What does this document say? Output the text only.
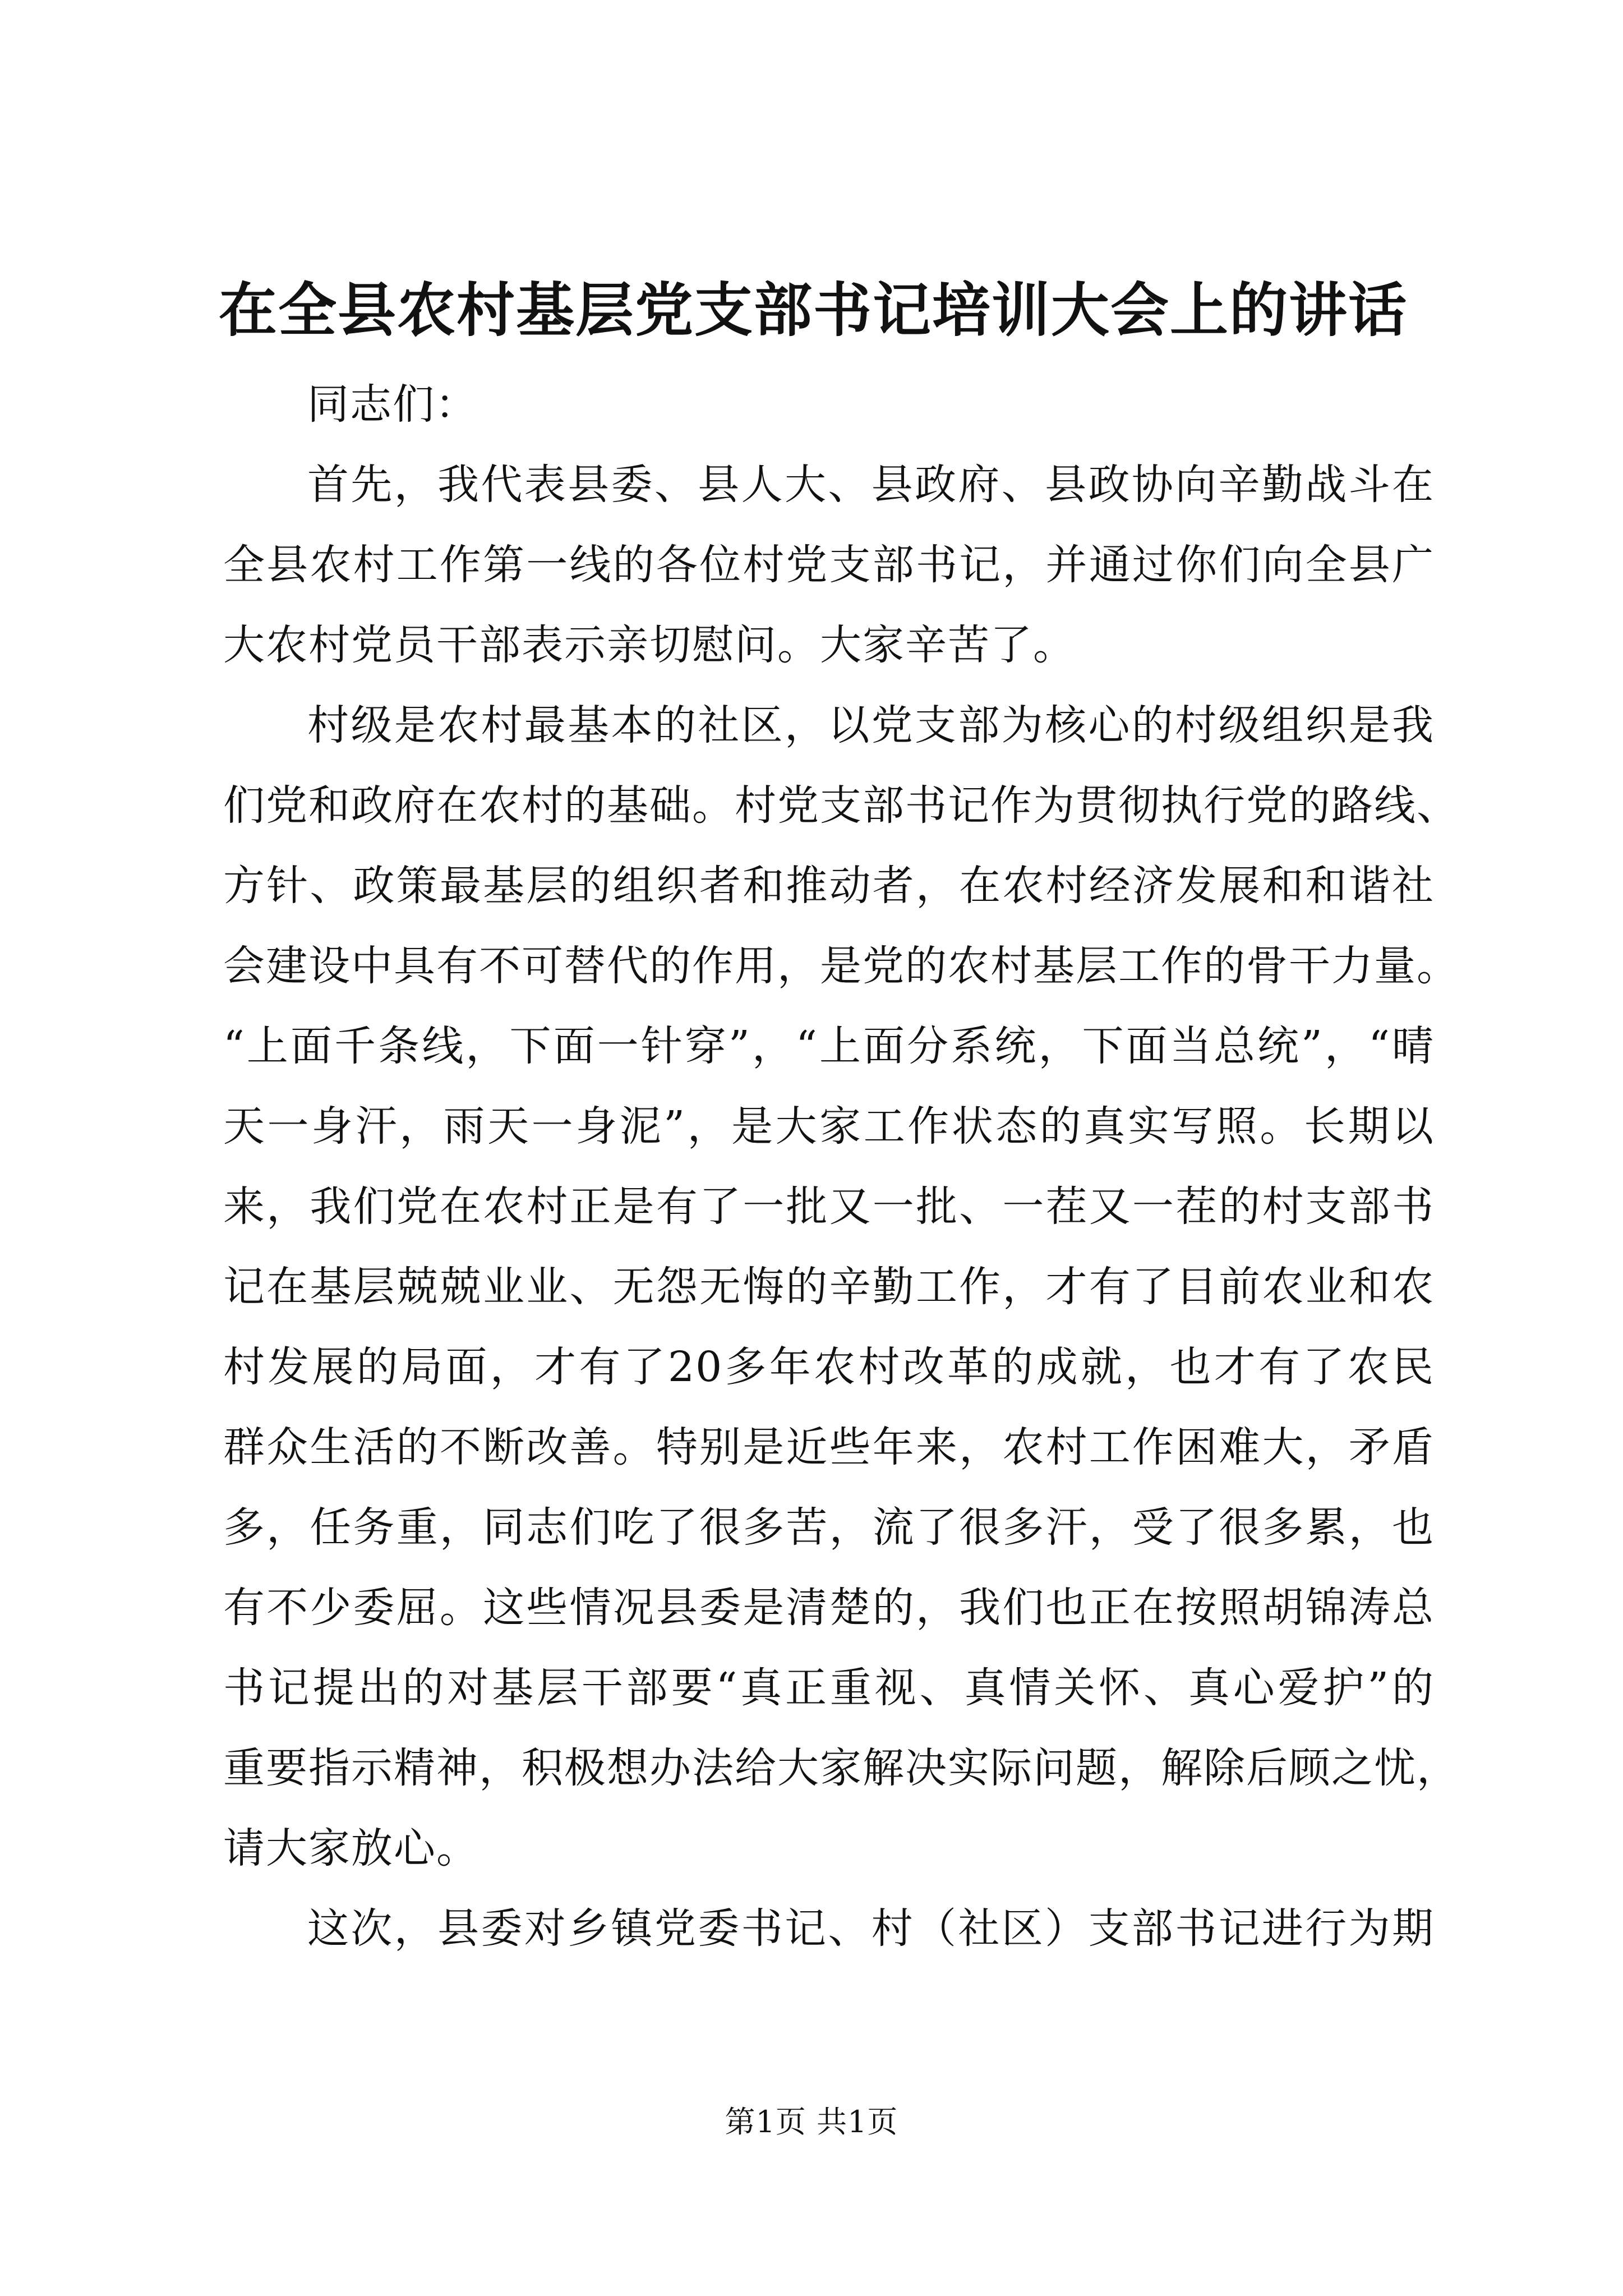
在全县农村基层党支部书记培训大会上的讲话
同志们：
首先，我代表县委、县人大、县政府、县政协向辛勤战斗在
全县农村工作第一线的各位村党支部书记，并通过你们向全县广
大农村党员干部表示亲切慰问。大家辛苦了。
村级是农村最基本的社区，以党支部为核心的村级组织是我
们党和政府在农村的基础。村党支部书记作为贯彻执行党的路线、
方针、政策最基层的组织者和推动者，在农村经济发展和和谐社
会建设中具有不可替代的作用，是党的农村基层工作的骨干力量。
“上面千条线，下面一针穿”，“上面分系统，下面当总统”，“晴
天一身汗，雨天一身泥”，是大家工作状态的真实写照。长期以
来，我们党在农村正是有了一批又一批、一茬又一茬的村支部书
记在基层兢兢业业、无怨无悔的辛勤工作，才有了目前农业和农
村发展的局面，才有了20多年农村改革的成就，也才有了农民
群众生活的不断改善。特别是近些年来，农村工作困难大，矛盾
多，任务重，同志们吃了很多苦，流了很多汗，受了很多累，也
有不少委屈。这些情况县委是清楚的，我们也正在按照胡锦涛总
书记提出的对基层干部要“真正重视、真情关怀、真心爱护”的
重要指示精神，积极想办法给大家解决实际问题，解除后顾之忧，
请大家放心。
这次，县委对乡镇党委书记、村（社区）支部书记进行为期
第1页 共1页
